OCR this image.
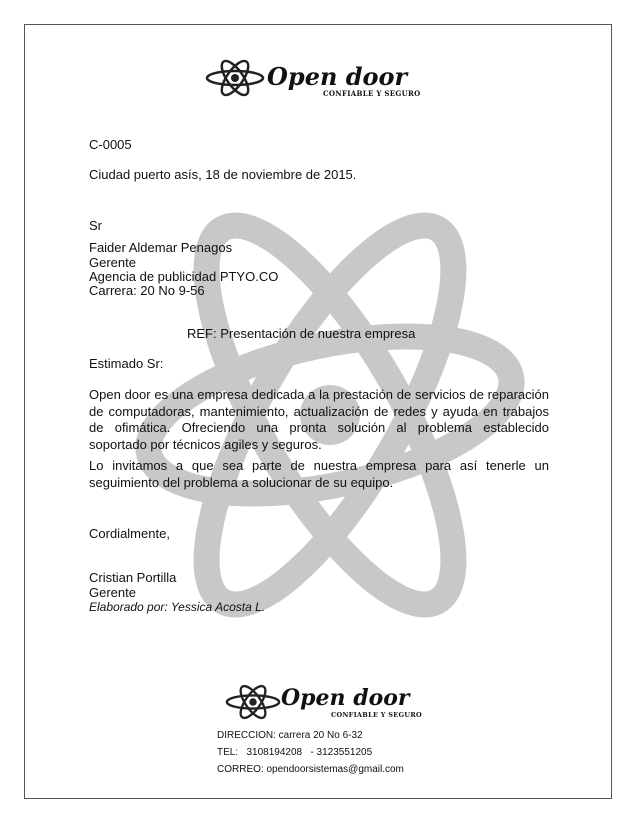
Open door
CONFIABLE Y SEGURO
C-0005
Ciudad puerto asís, 18 de noviembre de 2015.
Sr
Faider Aldemar Penagos
Gerente
Agencia de publicidad PTYO.CO
Carrera: 20 No 9-56
REF: Presentación de nuestra empresa
Estimado Sr:
Open door es una empresa dedicada a la prestación de servicios de reparación de computadoras, mantenimiento, actualización de redes y ayuda en trabajos de ofimática. Ofreciendo una pronta solución al problema establecido soportado por técnicos agiles y seguros.
Lo invitamos a que sea parte de nuestra empresa para así tenerle un seguimiento del problema a solucionar de su equipo.
Cordialmente,
Cristian Portilla
Gerente
Elaborado por: Yessica Acosta L.
Open door
CONFIABLE Y SEGURO
DIRECCION: carrera 20 No 6-32
TEL:   3108194208   - 3123551205
CORREO: opendoorsistemas@gmail.com
